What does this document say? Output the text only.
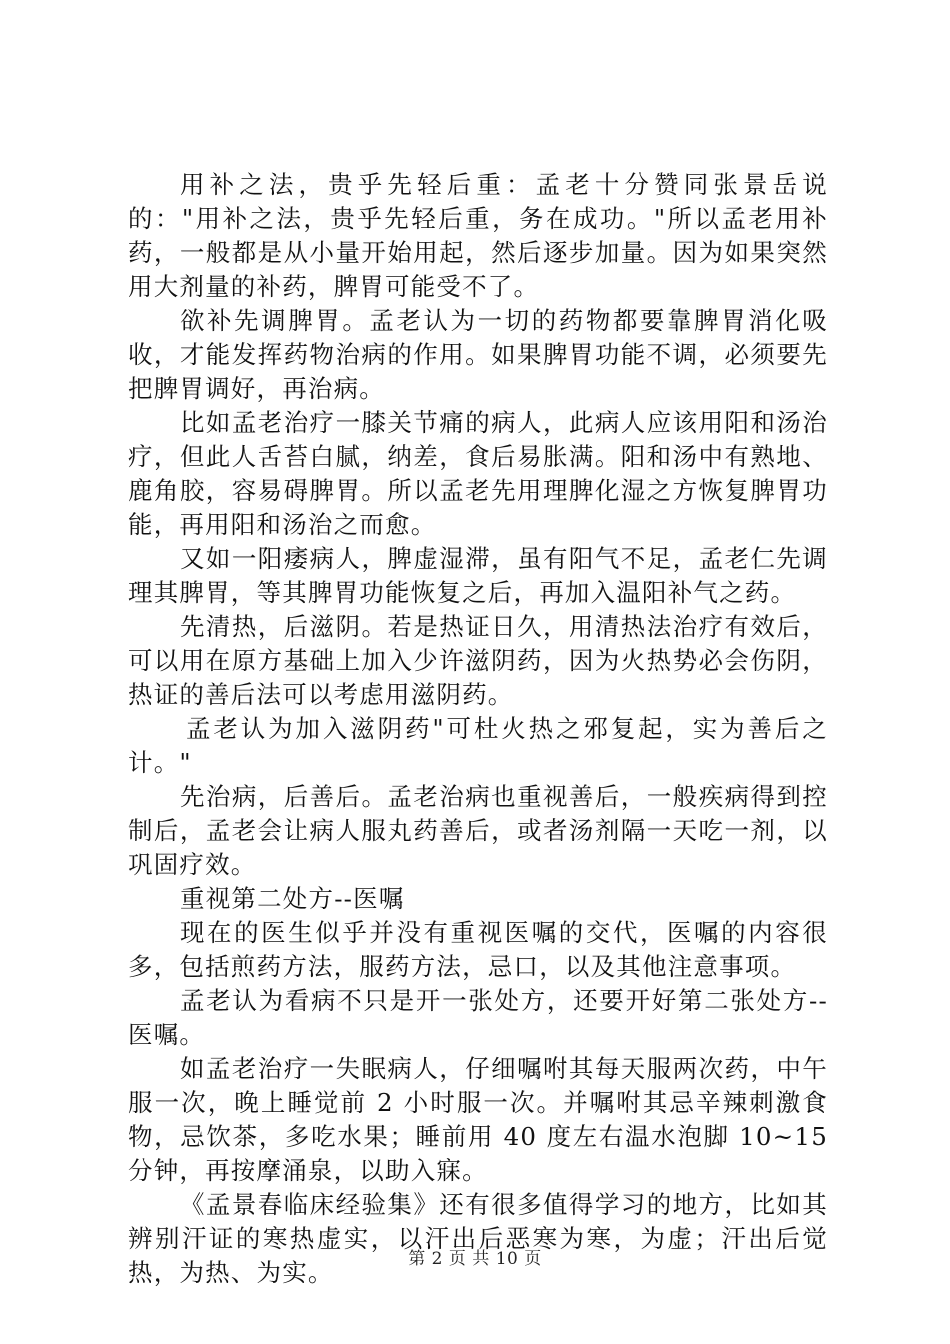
用补之法，贵乎先轻后重：孟老十分赞同张景岳说的："用补之法，贵乎先轻后重，务在成功。"所以孟老用补药，一般都是从小量开始用起，然后逐步加量。因为如果突然用大剂量的补药，脾胃可能受不了。

欲补先调脾胃。孟老认为一切的药物都要靠脾胃消化吸收，才能发挥药物治病的作用。如果脾胃功能不调，必须要先把脾胃调好，再治病。

比如孟老治疗一膝关节痛的病人，此病人应该用阳和汤治疗，但此人舌苔白腻，纳差，食后易胀满。阳和汤中有熟地、鹿角胶，容易碍脾胃。所以孟老先用理脾化湿之方恢复脾胃功能，再用阳和汤治之而愈。

又如一阳痿病人，脾虚湿滞，虽有阳气不足，孟老仁先调理其脾胃，等其脾胃功能恢复之后，再加入温阳补气之药。

先清热，后滋阴。若是热证日久，用清热法治疗有效后，可以用在原方基础上加入少许滋阴药，因为火热势必会伤阴，热证的善后法可以考虑用滋阴药。

孟老认为加入滋阴药"可杜火热之邪复起，实为善后之计。"

先治病，后善后。孟老治病也重视善后，一般疾病得到控制后，孟老会让病人服丸药善后，或者汤剂隔一天吃一剂，以巩固疗效。

重视第二处方--医嘱

现在的医生似乎并没有重视医嘱的交代，医嘱的内容很多，包括煎药方法，服药方法，忌口，以及其他注意事项。

孟老认为看病不只是开一张处方，还要开好第二张处方--医嘱。

如孟老治疗一失眠病人，仔细嘱咐其每天服两次药，中午服一次，晚上睡觉前 2 小时服一次。并嘱咐其忌辛辣刺激食物，忌饮茶，多吃水果；睡前用 40 度左右温水泡脚 10~15 分钟，再按摩涌泉，以助入寐。

《孟景春临床经验集》还有很多值得学习的地方，比如其辨别汗证的寒热虚实，以汗出后恶寒为寒，为虚；汗出后觉热，为热、为实。	第 2 页 共 10 页
